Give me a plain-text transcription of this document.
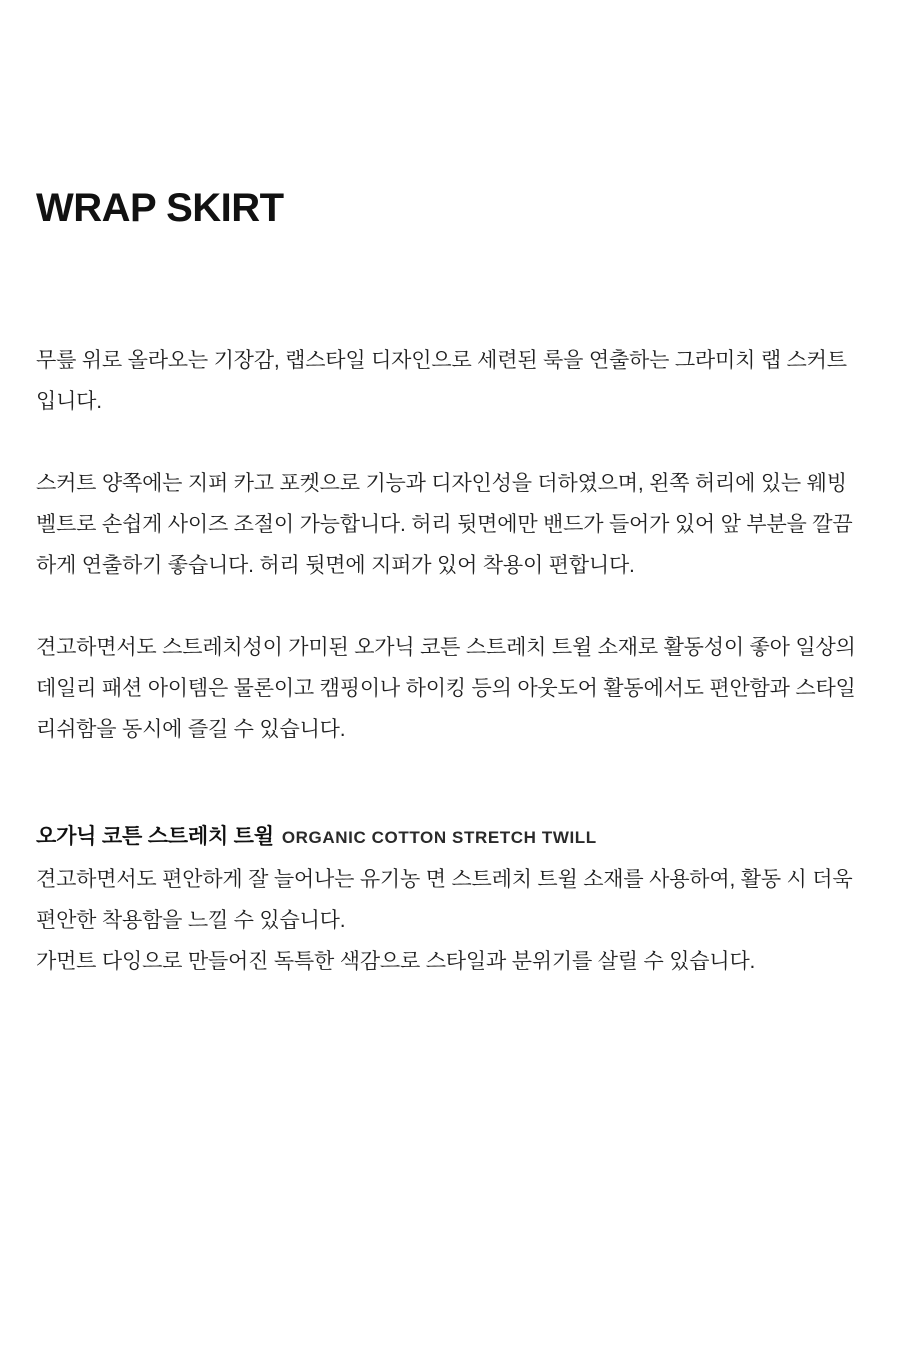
WRAP SKIRT

무릎 위로 올라오는 기장감, 랩스타일 디자인으로 세련된 룩을 연출하는 그라미치 랩 스커트입니다.

스커트 양쪽에는 지퍼 카고 포켓으로 기능과 디자인성을 더하였으며, 왼쪽 허리에 있는 웨빙 벨트로 손쉽게 사이즈 조절이 가능합니다. 허리 뒷면에만 밴드가 들어가 있어 앞 부분을 깔끔하게 연출하기 좋습니다. 허리 뒷면에 지퍼가 있어 착용이 편합니다.

견고하면서도 스트레치성이 가미된 오가닉 코튼 스트레치 트윌 소재로 활동성이 좋아 일상의 데일리 패션 아이템은 물론이고 캠핑이나 하이킹 등의 아웃도어 활동에서도 편안함과 스타일리쉬함을 동시에 즐길 수 있습니다.

오가닉 코튼 스트레치 트윌 ORGANIC COTTON STRETCH TWILL

견고하면서도 편안하게 잘 늘어나는 유기농 면 스트레치 트윌 소재를 사용하여, 활동 시 더욱 편안한 착용함을 느낄 수 있습니다.

가먼트 다잉으로 만들어진 독특한 색감으로 스타일과 분위기를 살릴 수 있습니다.
